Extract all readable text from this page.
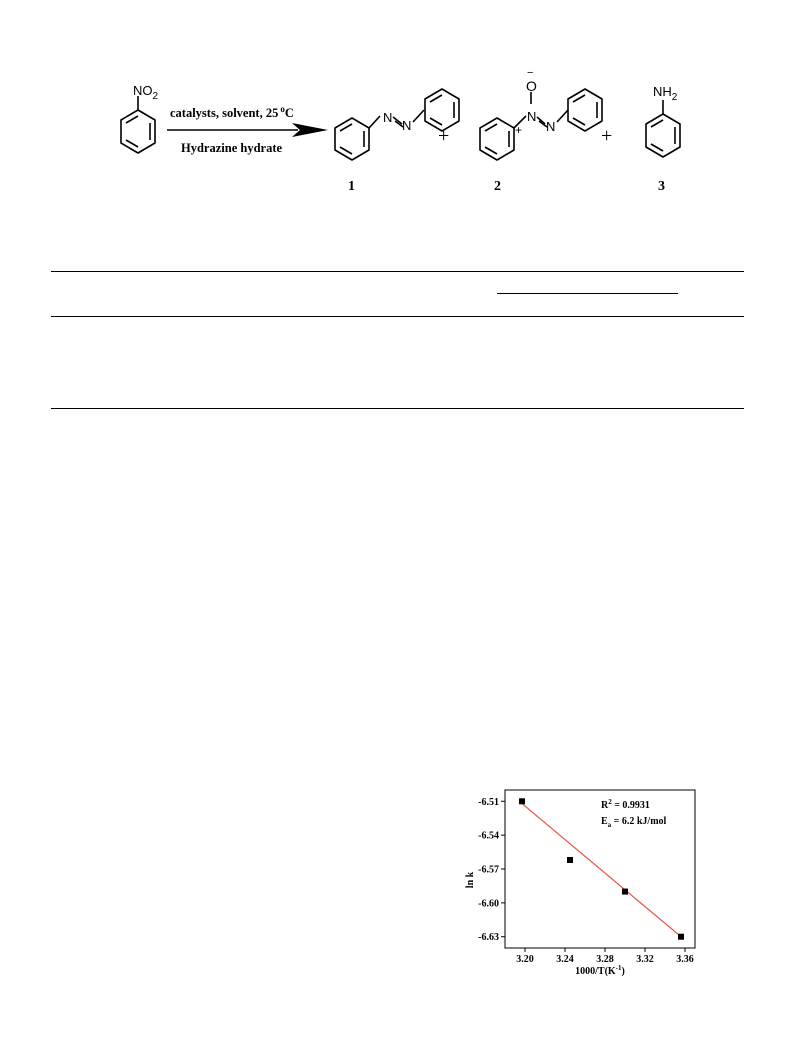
$NO_2$
catalysts, solvent, 25 $^o$C
Hydrazine hydrate
N
N +
−
O
N
+ N +
$NH_2$
1	2	3
-6.51
-6.54
-6.57
-6.60
-6.63
3.20 3.24 3.28 3.32 3.36
$R^2 = 0.9931$
$E_a = 6.2$ kJ/mol
ln k
$1000/T(K^{-1})$
